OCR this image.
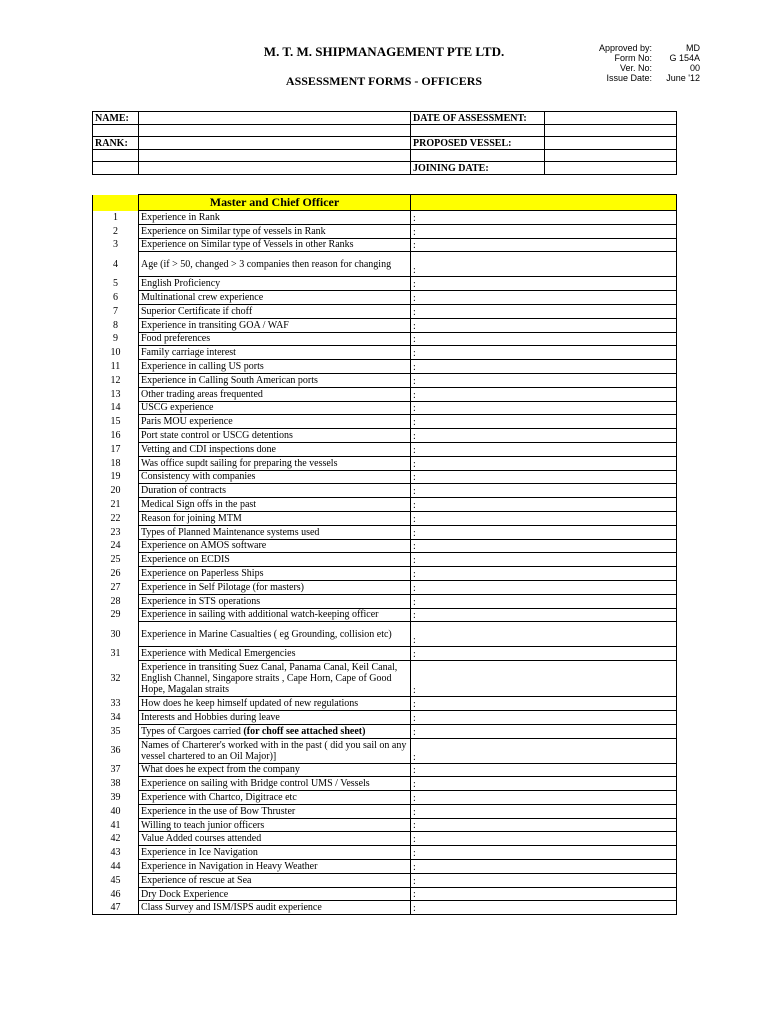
M. T. M. SHIPMANAGEMENT PTE LTD.
ASSESSMENT FORMS - OFFICERS
Approved by:	MD
Form No:	G 154A
Ver. No:	00
Issue Date:	June '12
NAME:		DATE OF ASSESSMENT:	

RANK:		PROPOSED VESSEL:	

		JOINING DATE:	
	Master and Chief Officer	
1	Experience in Rank	:
2	Experience on Similar type of vessels in Rank	:
3	Experience on Similar type of Vessels in other Ranks	:
4	Age (if > 50, changed > 3 companies then reason for changing	:
5	English Proficiency	:
6	Multinational crew experience	:
7	Superior Certificate if choff	:
8	Experience in transiting GOA / WAF	:
9	Food preferences	:
10	Family carriage interest	:
11	Experience in calling US ports	:
12	Experience in Calling South American ports	:
13	Other trading areas frequented	:
14	USCG experience	:
15	Paris MOU experience	:
16	Port state control or USCG detentions	:
17	Vetting and CDI inspections done	:
18	Was office supdt sailing for preparing the vessels	:
19	Consistency with companies	:
20	Duration of contracts	:
21	Medical Sign offs in the past	:
22	Reason for joining MTM	:
23	Types of Planned Maintenance systems used	:
24	Experience on AMOS software	:
25	Experience on ECDIS	:
26	Experience on Paperless Ships	:
27	Experience in Self Pilotage (for masters)	:
28	Experience in STS operations	:
29	Experience in sailing with additional watch-keeping officer	:
30	Experience in Marine Casualties ( eg Grounding, collision etc)	:
31	Experience with Medical Emergencies	:
32	Experience in transiting Suez Canal, Panama Canal, Keil Canal, English Channel, Singapore straits , Cape Horn, Cape of Good Hope, Magalan straits	:
33	How does he keep himself updated of new regulations	:
34	Interests and Hobbies during leave	:
35	Types of Cargoes carried (for choff see attached sheet)	:
36	Names of Charterer's worked with in the past ( did you sail on any vessel chartered to an Oil Major)]	:
37	What does he expect from the company	:
38	Experience on sailing with Bridge control UMS / Vessels	:
39	Experience with Chartco, Digitrace etc	:
40	Experience in the use of Bow Thruster	:
41	Willing to teach junior officers	:
42	Value Added courses attended	:
43	Experience in Ice Navigation	:
44	Experience in Navigation in Heavy Weather	:
45	Experience of rescue at Sea	:
46	Dry Dock Experience	:
47	Class Survey and ISM/ISPS audit experience	:
